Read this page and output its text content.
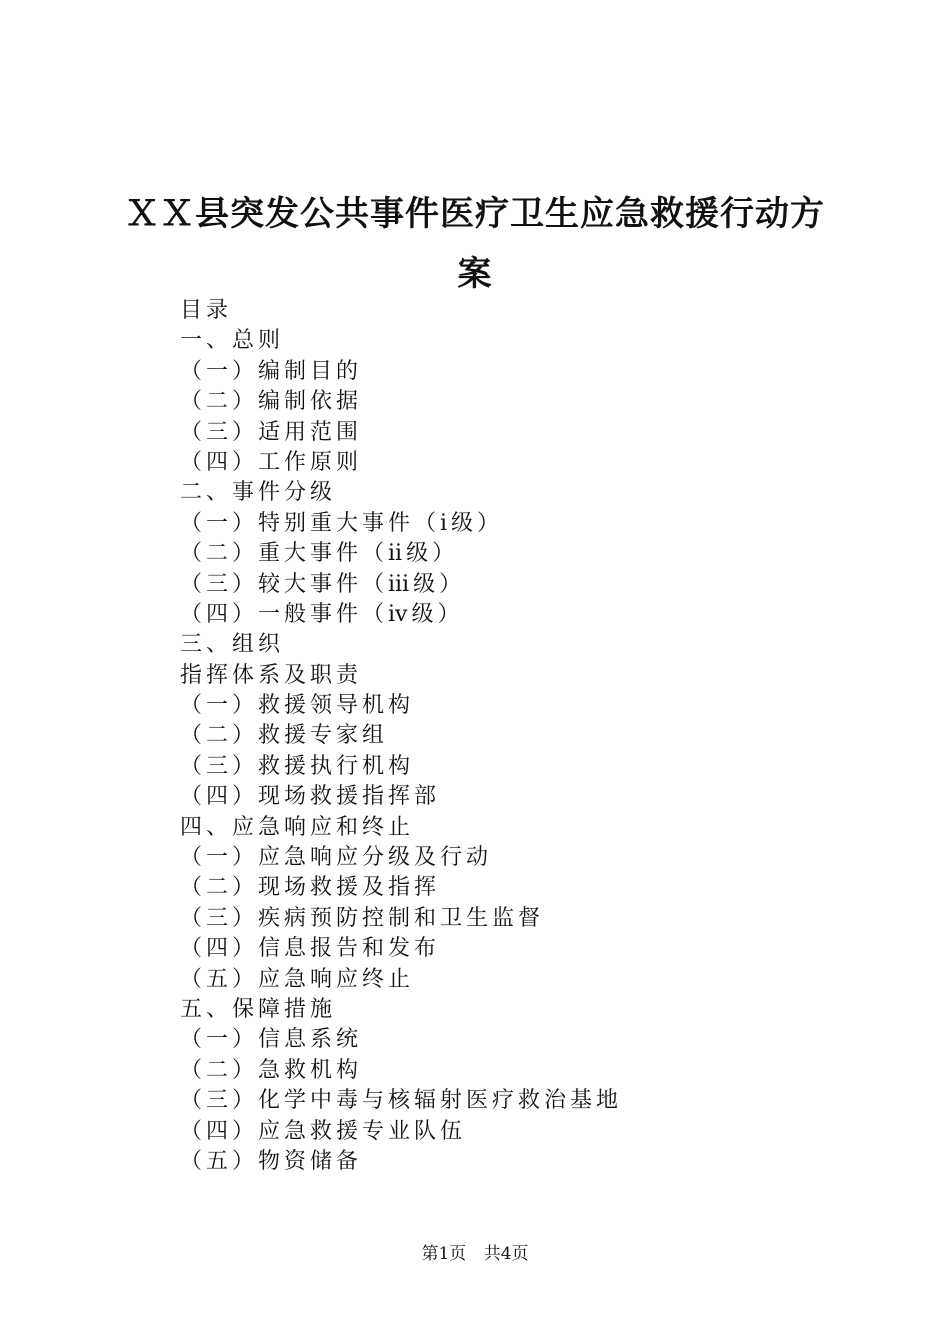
ＸＸ县突发公共事件医疗卫生应急救援行动方案
目录
一、总则
（一）编制目的
（二）编制依据
（三）适用范围
（四）工作原则
二、事件分级
（一）特别重大事件（ⅰ级）
（二）重大事件（ⅱ级）
（三）较大事件（ⅲ级）
（四）一般事件（ⅳ级）
三、组织
指挥体系及职责
（一）救援领导机构
（二）救援专家组
（三）救援执行机构
（四）现场救援指挥部
四、应急响应和终止
（一）应急响应分级及行动
（二）现场救援及指挥
（三）疾病预防控制和卫生监督
（四）信息报告和发布
（五）应急响应终止
五、保障措施
（一）信息系统
（二）急救机构
（三）化学中毒与核辐射医疗救治基地
（四）应急救援专业队伍
（五）物资储备
第1页 共4页
